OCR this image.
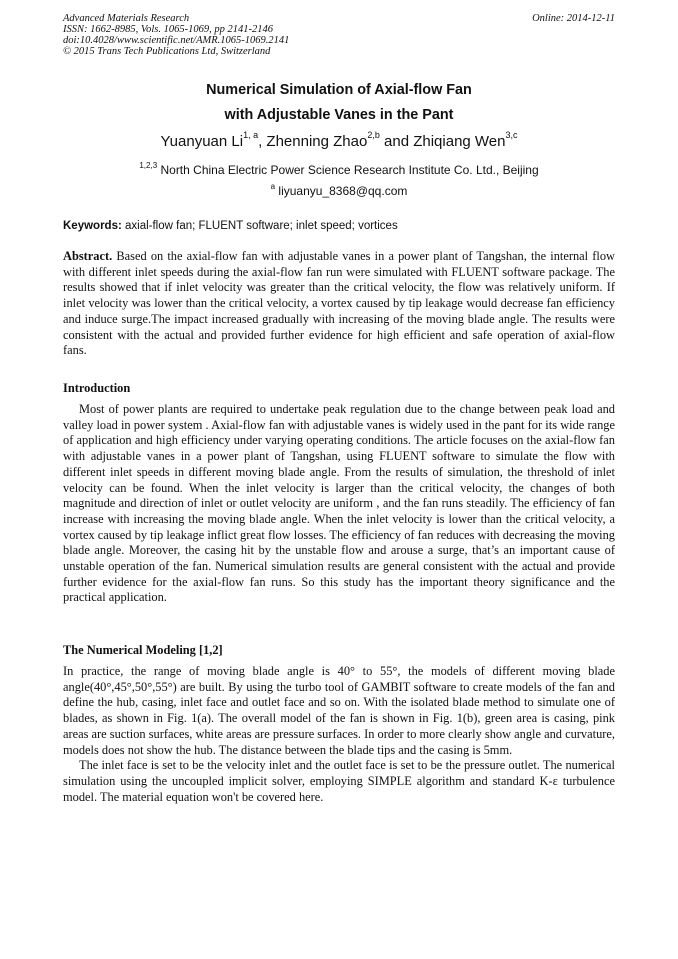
Advanced Materials Research	Online: 2014-12-11
ISSN: 1662-8985, Vols. 1065-1069, pp 2141-2146
doi:10.4028/www.scientific.net/AMR.1065-1069.2141
© 2015 Trans Tech Publications Ltd, Switzerland
Numerical Simulation of Axial-flow Fan
with Adjustable Vanes in the Pant
Yuanyuan Li$^{1, a}$, Zhenning Zhao$^{2,b}$ and Zhiqiang Wen$^{3,c}$
$^{1,2,3}$ North China Electric Power Science Research Institute Co. Ltd., Beijing
$^a$ liyuanyu_8368@qq.com
Keywords: axial-flow fan; FLUENT software; inlet speed; vortices

Abstract. Based on the axial-flow fan with adjustable vanes in a power plant of Tangshan, the internal flow with different inlet speeds during the axial-flow fan run were simulated with FLUENT software package. The results showed that if inlet velocity was greater than the critical velocity, the flow was relatively uniform. If inlet velocity was lower than the critical velocity, a vortex caused by tip leakage would decrease fan efficiency and induce surge.The impact increased gradually with increasing of the moving blade angle. The results were consistent with the actual and provided further evidence for high efficient and safe operation of axial-flow fans.

Introduction

Most of power plants are required to undertake peak regulation due to the change between peak load and valley load in power system . Axial-flow fan with adjustable vanes is widely used in the pant for its wide range of application and high efficiency under varying operating conditions. The article focuses on the axial-flow fan with adjustable vanes in a power plant of Tangshan, using FLUENT software to simulate the flow with different inlet speeds in different moving blade angle. From the results of simulation, the threshold of inlet velocity can be found. When the inlet velocity is larger than the critical velocity, the changes of both magnitude and direction of inlet or outlet velocity are uniform , and the fan runs steadily. The efficiency of fan increase with increasing the moving blade angle. When the inlet velocity is lower than the critical velocity, a vortex caused by tip leakage inflict great flow losses. The efficiency of fan reduces with decreasing the moving blade angle. Moreover, the casing hit by the unstable flow and arouse a surge, that’s an important cause of unstable operation of the fan. Numerical simulation results are general consistent with the actual and provide further evidence for the axial-flow fan runs. So this study has the important theory significance and the practical application.

The Numerical Modeling [1,2]

In practice, the range of moving blade angle is 40° to 55°, the models of different moving blade angle(40°,45°,50°,55°) are built. By using the turbo tool of GAMBIT software to create models of the fan and define the hub, casing, inlet face and outlet face and so on. With the isolated blade method to simulate one of blades, as shown in Fig. 1(a). The overall model of the fan is shown in Fig. 1(b), green area is casing, pink areas are suction surfaces, white areas are pressure surfaces. In order to more clearly show angle and curvature, models does not show the hub. The distance between the blade tips and the casing is 5mm.

The inlet face is set to be the velocity inlet and the outlet face is set to be the pressure outlet. The numerical simulation using the uncoupled implicit solver, employing SIMPLE algorithm and standard K-ε turbulence model. The material equation won't be covered here.
